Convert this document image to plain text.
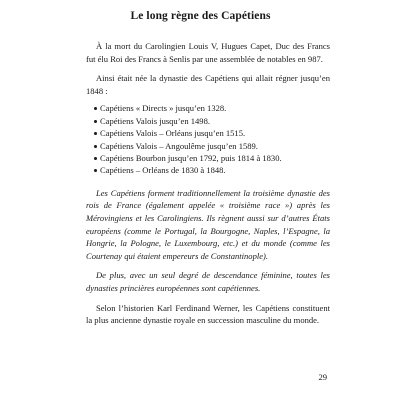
Le long règne des Capétiens

À la mort du Carolingien Louis V, Hugues Capet, Duc des Francs fut élu Roi des Francs à Senlis par une assemblée de notables en 987.

Ainsi était née la dynastie des Capétiens qui allait régner jusqu’en 1848 :

Capétiens « Directs » jusqu’en 1328.
Capétiens Valois jusqu’en 1498.
Capétiens Valois – Orléans jusqu’en 1515.
Capétiens Valois – Angoulême jusqu’en 1589.
Capétiens Bourbon jusqu’en 1792, puis 1814 à 1830.
Capétiens – Orléans de 1830 à 1848.

Les Capétiens forment traditionnellement la troisième dynastie des rois de France (également appelée « troisième race ») après les Mérovingiens et les Carolingiens. Ils règnent aussi sur d’autres États européens (comme le Portugal, la Bourgogne, Naples, l’Espagne, la Hongrie, la Pologne, le Luxembourg, etc.) et du monde (comme les Courtenay qui étaient empereurs de Constantinople).

De plus, avec un seul degré de descendance féminine, toutes les dynasties princières européennes sont capétiennes.

Selon l’historien Karl Ferdinand Werner, les Capétiens constituent la plus ancienne dynastie royale en succession masculine du monde.

29
